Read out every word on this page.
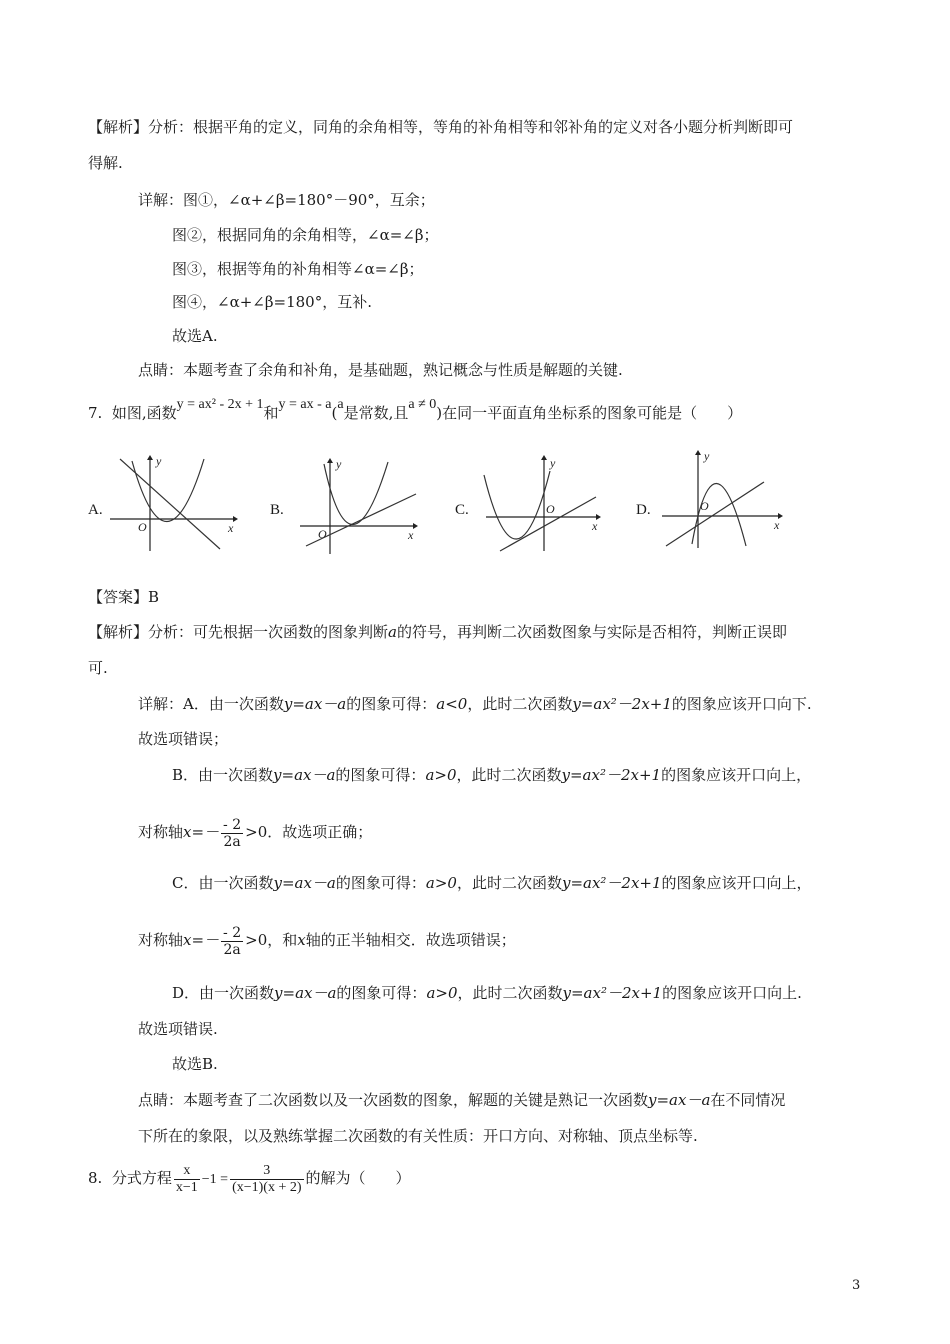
【解析】分析：根据平角的定义，同角的余角相等，等角的补角相等和邻补角的定义对各小题分析判断即可
得解.
详解：图①，∠α+∠β=180°－90°，互余；
图②，根据同角的余角相等，∠α=∠β；
图③，根据等角的补角相等∠α=∠β；
图④，∠α+∠β=180°，互补.
故选A.
点睛：本题考查了余角和补角，是基础题，熟记概念与性质是解题的关键.
7. 如图,函数y = ax² - 2x + 1和y = ax - a(a是常数,且a ≠ 0)在同一平面直角坐标系的图象可能是（　　）
A.
y
x
O
B.
y
x
O
C.
y
x
O	D.
y
x
O
【答案】B
【解析】分析：可先根据一次函数的图象判断a的符号，再判断二次函数图象与实际是否相符，判断正误即
可.
详解：A．由一次函数y=ax－a的图象可得：a<0，此时二次函数y=ax²－2x+1的图象应该开口向下.
故选项错误；
B．由一次函数y=ax－a的图象可得：a>0，此时二次函数y=ax²－2x+1的图象应该开口向上，
对称轴$x=- \frac{- 2}{2a} >0$．故选项正确；
C．由一次函数y=ax－a的图象可得：a>0，此时二次函数y=ax²－2x+1的图象应该开口向上，
对称轴$x=- \frac{- 2}{2a} >0$，和x轴的正半轴相交．故选项错误；
D．由一次函数y=ax－a的图象可得：a>0，此时二次函数y=ax²－2x+1的图象应该开口向上.
故选项错误.
故选B.
点睛：本题考查了二次函数以及一次函数的图象，解题的关键是熟记一次函数y=ax－a在不同情况
下所在的象限，以及熟练掌握二次函数的有关性质：开口方向、对称轴、顶点坐标等.
8. 分式方程 $\frac{x}{x-1} -1 = \frac{3}{(x-1)(x + 2)}$ 的解为（　　）
3
